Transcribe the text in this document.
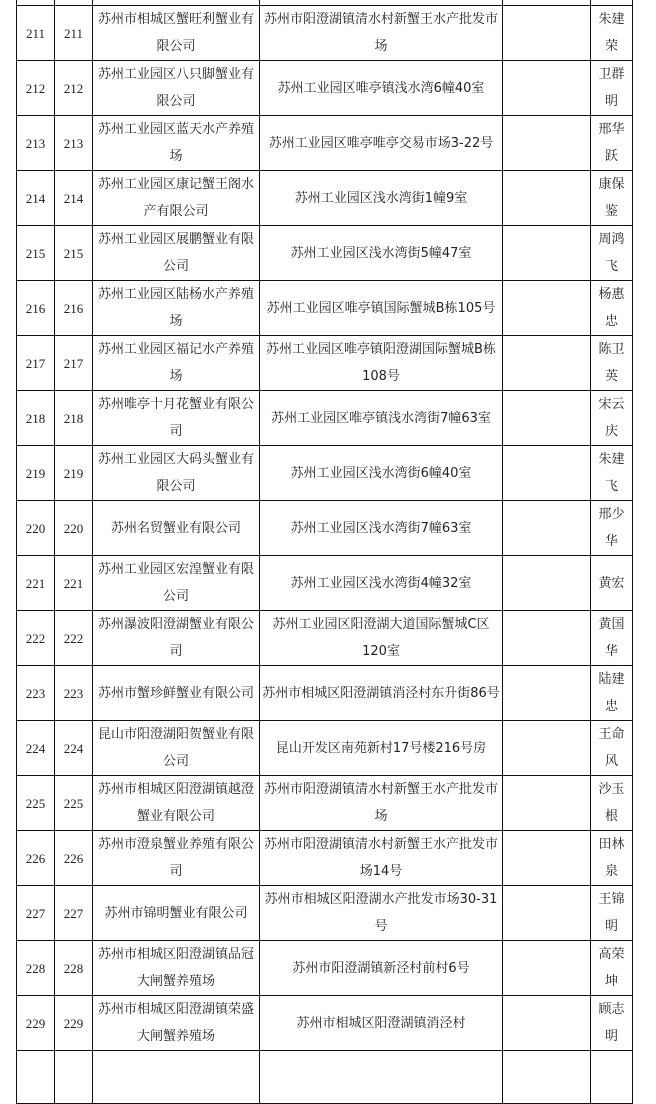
211	211	苏州市相城区蟹旺利蟹业有限公司	苏州市阳澄湖镇清水村新蟹王水产批发市场		朱建荣
212	212	苏州工业园区八只脚蟹业有限公司	苏州工业园区唯亭镇浅水湾6幢40室		卫群明
213	213	苏州工业园区蓝天水产养殖场	苏州工业园区唯亭唯亭交易市场3-22号		邢华跃
214	214	苏州工业园区康记蟹王阁水产有限公司	苏州工业园区浅水湾街1幢9室		康保鉴
215	215	苏州工业园区展鹏蟹业有限公司	苏州工业园区浅水湾街5幢47室		周鸿飞
216	216	苏州工业园区陆杨水产养殖场	苏州工业园区唯亭镇国际蟹城B栋105号		杨惠忠
217	217	苏州工业园区福记水产养殖场	苏州工业园区唯亭镇阳澄湖国际蟹城B栋108号		陈卫英
218	218	苏州唯亭十月花蟹业有限公司	苏州工业园区唯亭镇浅水湾街7幢63室		宋云庆
219	219	苏州工业园区大码头蟹业有限公司	苏州工业园区浅水湾街6幢40室		朱建飞
220	220	苏州名贸蟹业有限公司	苏州工业园区浅水湾街7幢63室		邢少华
221	221	苏州工业园区宏湟蟹业有限公司	苏州工业园区浅水湾街4幢32室		黄宏
222	222	苏州瀑波阳澄湖蟹业有限公司	苏州工业园区阳澄湖大道国际蟹城C区120室		黄国华
223	223	苏州市蟹珍鲜蟹业有限公司	苏州市相城区阳澄湖镇消泾村东升街86号		陆建忠
224	224	昆山市阳澄湖阳贺蟹业有限公司	昆山开发区南苑新村17号楼216号房		王命风
225	225	苏州市相城区阳澄湖镇越澄蟹业有限公司	苏州市阳澄湖镇清水村新蟹王水产批发市场		沙玉根
226	226	苏州市澄泉蟹业养殖有限公司	苏州市阳澄湖镇清水村新蟹王水产批发市场14号		田林泉
227	227	苏州市锦明蟹业有限公司	苏州市相城区阳澄湖水产批发市场30-31号		王锦明
228	228	苏州市相城区阳澄湖镇品冠大闸蟹养殖场	苏州市阳澄湖镇新泾村前村6号		高荣坤
229	229	苏州市相城区阳澄湖镇荣盛大闸蟹养殖场	苏州市相城区阳澄湖镇消泾村		顾志明
